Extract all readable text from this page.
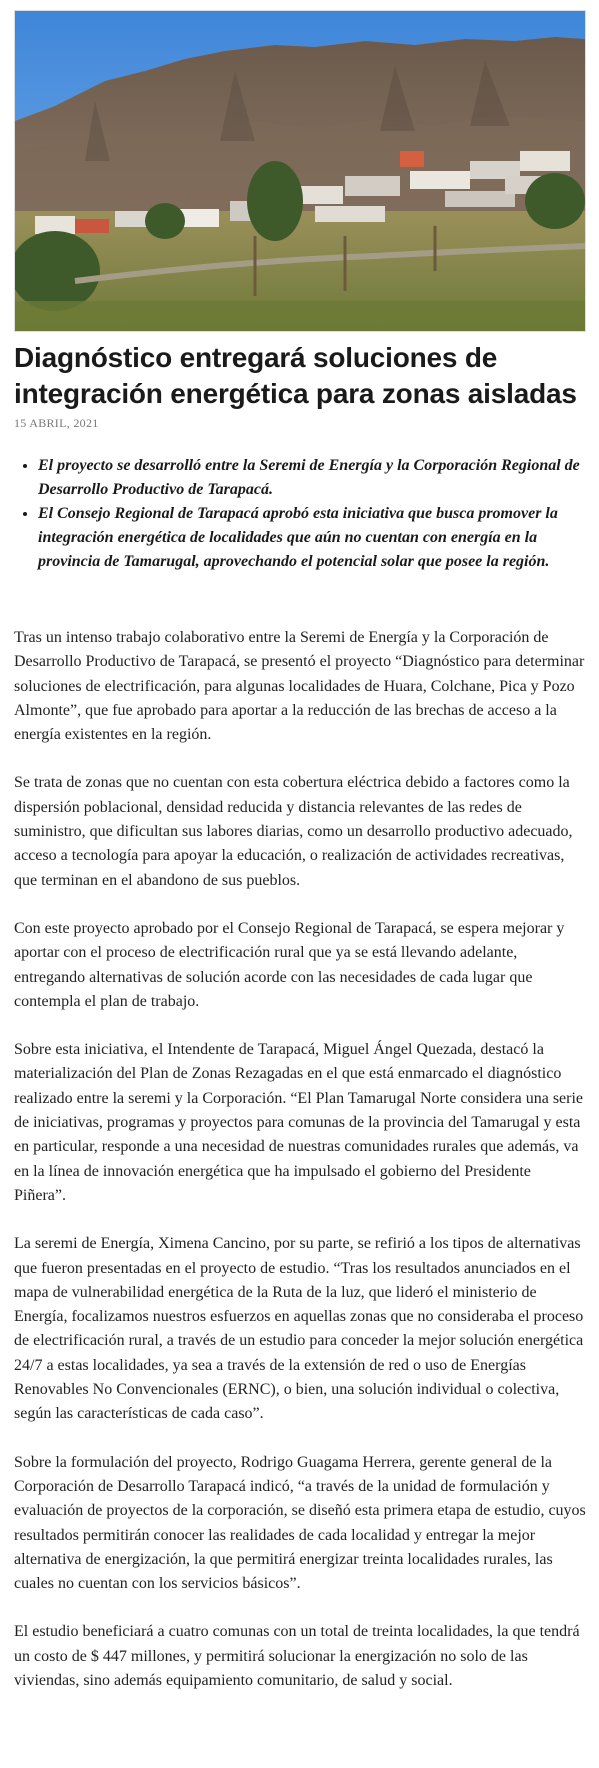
Diagnóstico entregará soluciones de integración energética para zonas aisladas
15 ABRIL, 2021
• El proyecto se desarrolló entre la Seremi de Energía y la Corporación Regional de Desarrollo Productivo de Tarapacá.
• El Consejo Regional de Tarapacá aprobó esta iniciativa que busca promover la integración energética de localidades que aún no cuentan con energía en la provincia de Tamarugal, aprovechando el potencial solar que posee la región.

Tras un intenso trabajo colaborativo entre la Seremi de Energía y la Corporación de Desarrollo Productivo de Tarapacá, se presentó el proyecto “Diagnóstico para determinar soluciones de electrificación, para algunas localidades de Huara, Colchane, Pica y Pozo Almonte”, que fue aprobado para aportar a la reducción de las brechas de acceso a la energía existentes en la región.

Se trata de zonas que no cuentan con esta cobertura eléctrica debido a factores como la dispersión poblacional, densidad reducida y distancia relevantes de las redes de suministro, que dificultan sus labores diarias, como un desarrollo productivo adecuado, acceso a tecnología para apoyar la educación, o realización de actividades recreativas, que terminan en el abandono de sus pueblos.

Con este proyecto aprobado por el Consejo Regional de Tarapacá, se espera mejorar y aportar con el proceso de electrificación rural que ya se está llevando adelante, entregando alternativas de solución acorde con las necesidades de cada lugar que contempla el plan de trabajo.

Sobre esta iniciativa, el Intendente de Tarapacá, Miguel Ángel Quezada, destacó la materialización del Plan de Zonas Rezagadas en el que está enmarcado el diagnóstico realizado entre la seremi y la Corporación. “El Plan Tamarugal Norte considera una serie de iniciativas, programas y proyectos para comunas de la provincia del Tamarugal y esta en particular, responde a una necesidad de nuestras comunidades rurales que además, va en la línea de innovación energética que ha impulsado el gobierno del Presidente Piñera”.

La seremi de Energía, Ximena Cancino, por su parte, se refirió a los tipos de alternativas que fueron presentadas en el proyecto de estudio. “Tras los resultados anunciados en el mapa de vulnerabilidad energética de la Ruta de la luz, que lideró el ministerio de Energía, focalizamos nuestros esfuerzos en aquellas zonas que no consideraba el proceso de electrificación rural, a través de un estudio para conceder la mejor solución energética 24/7 a estas localidades, ya sea a través de la extensión de red o uso de Energías Renovables No Convencionales (ERNC), o bien, una solución individual o colectiva, según las características de cada caso”.

Sobre la formulación del proyecto, Rodrigo Guagama Herrera, gerente general de la Corporación de Desarrollo Tarapacá indicó, “a través de la unidad de formulación y evaluación de proyectos de la corporación, se diseñó esta primera etapa de estudio, cuyos resultados permitirán conocer las realidades de cada localidad y entregar la mejor alternativa de energización, la que permitirá energizar treinta localidades rurales, las cuales no cuentan con los servicios básicos”.

El estudio beneficiará a cuatro comunas con un total de treinta localidades, la que tendrá un costo de $ 447 millones, y permitirá solucionar la energización no solo de las viviendas, sino además equipamiento comunitario, de salud y social.
